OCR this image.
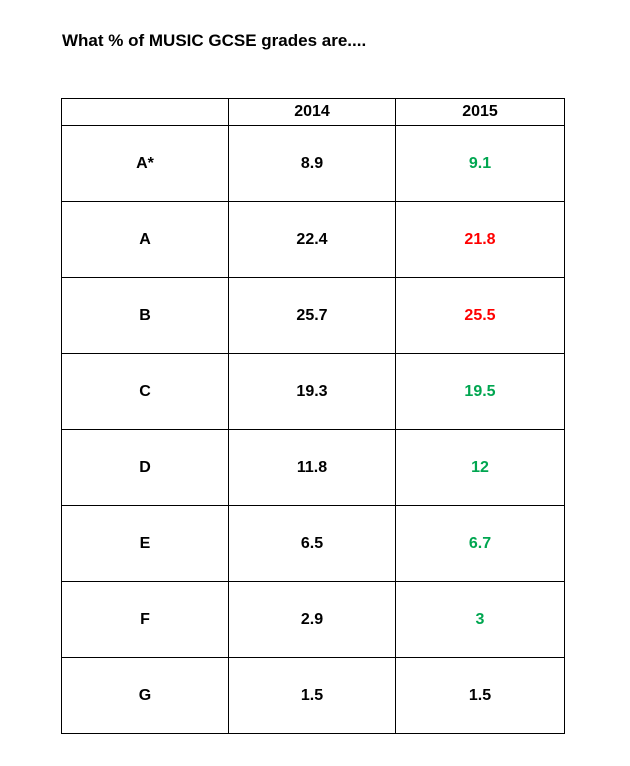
What % of MUSIC GCSE grades are....
	2014	2015
A*	8.9	9.1
A	22.4	21.8
B	25.7	25.5
C	19.3	19.5
D	11.8	12
E	6.5	6.7
F	2.9	3
G	1.5	1.5
